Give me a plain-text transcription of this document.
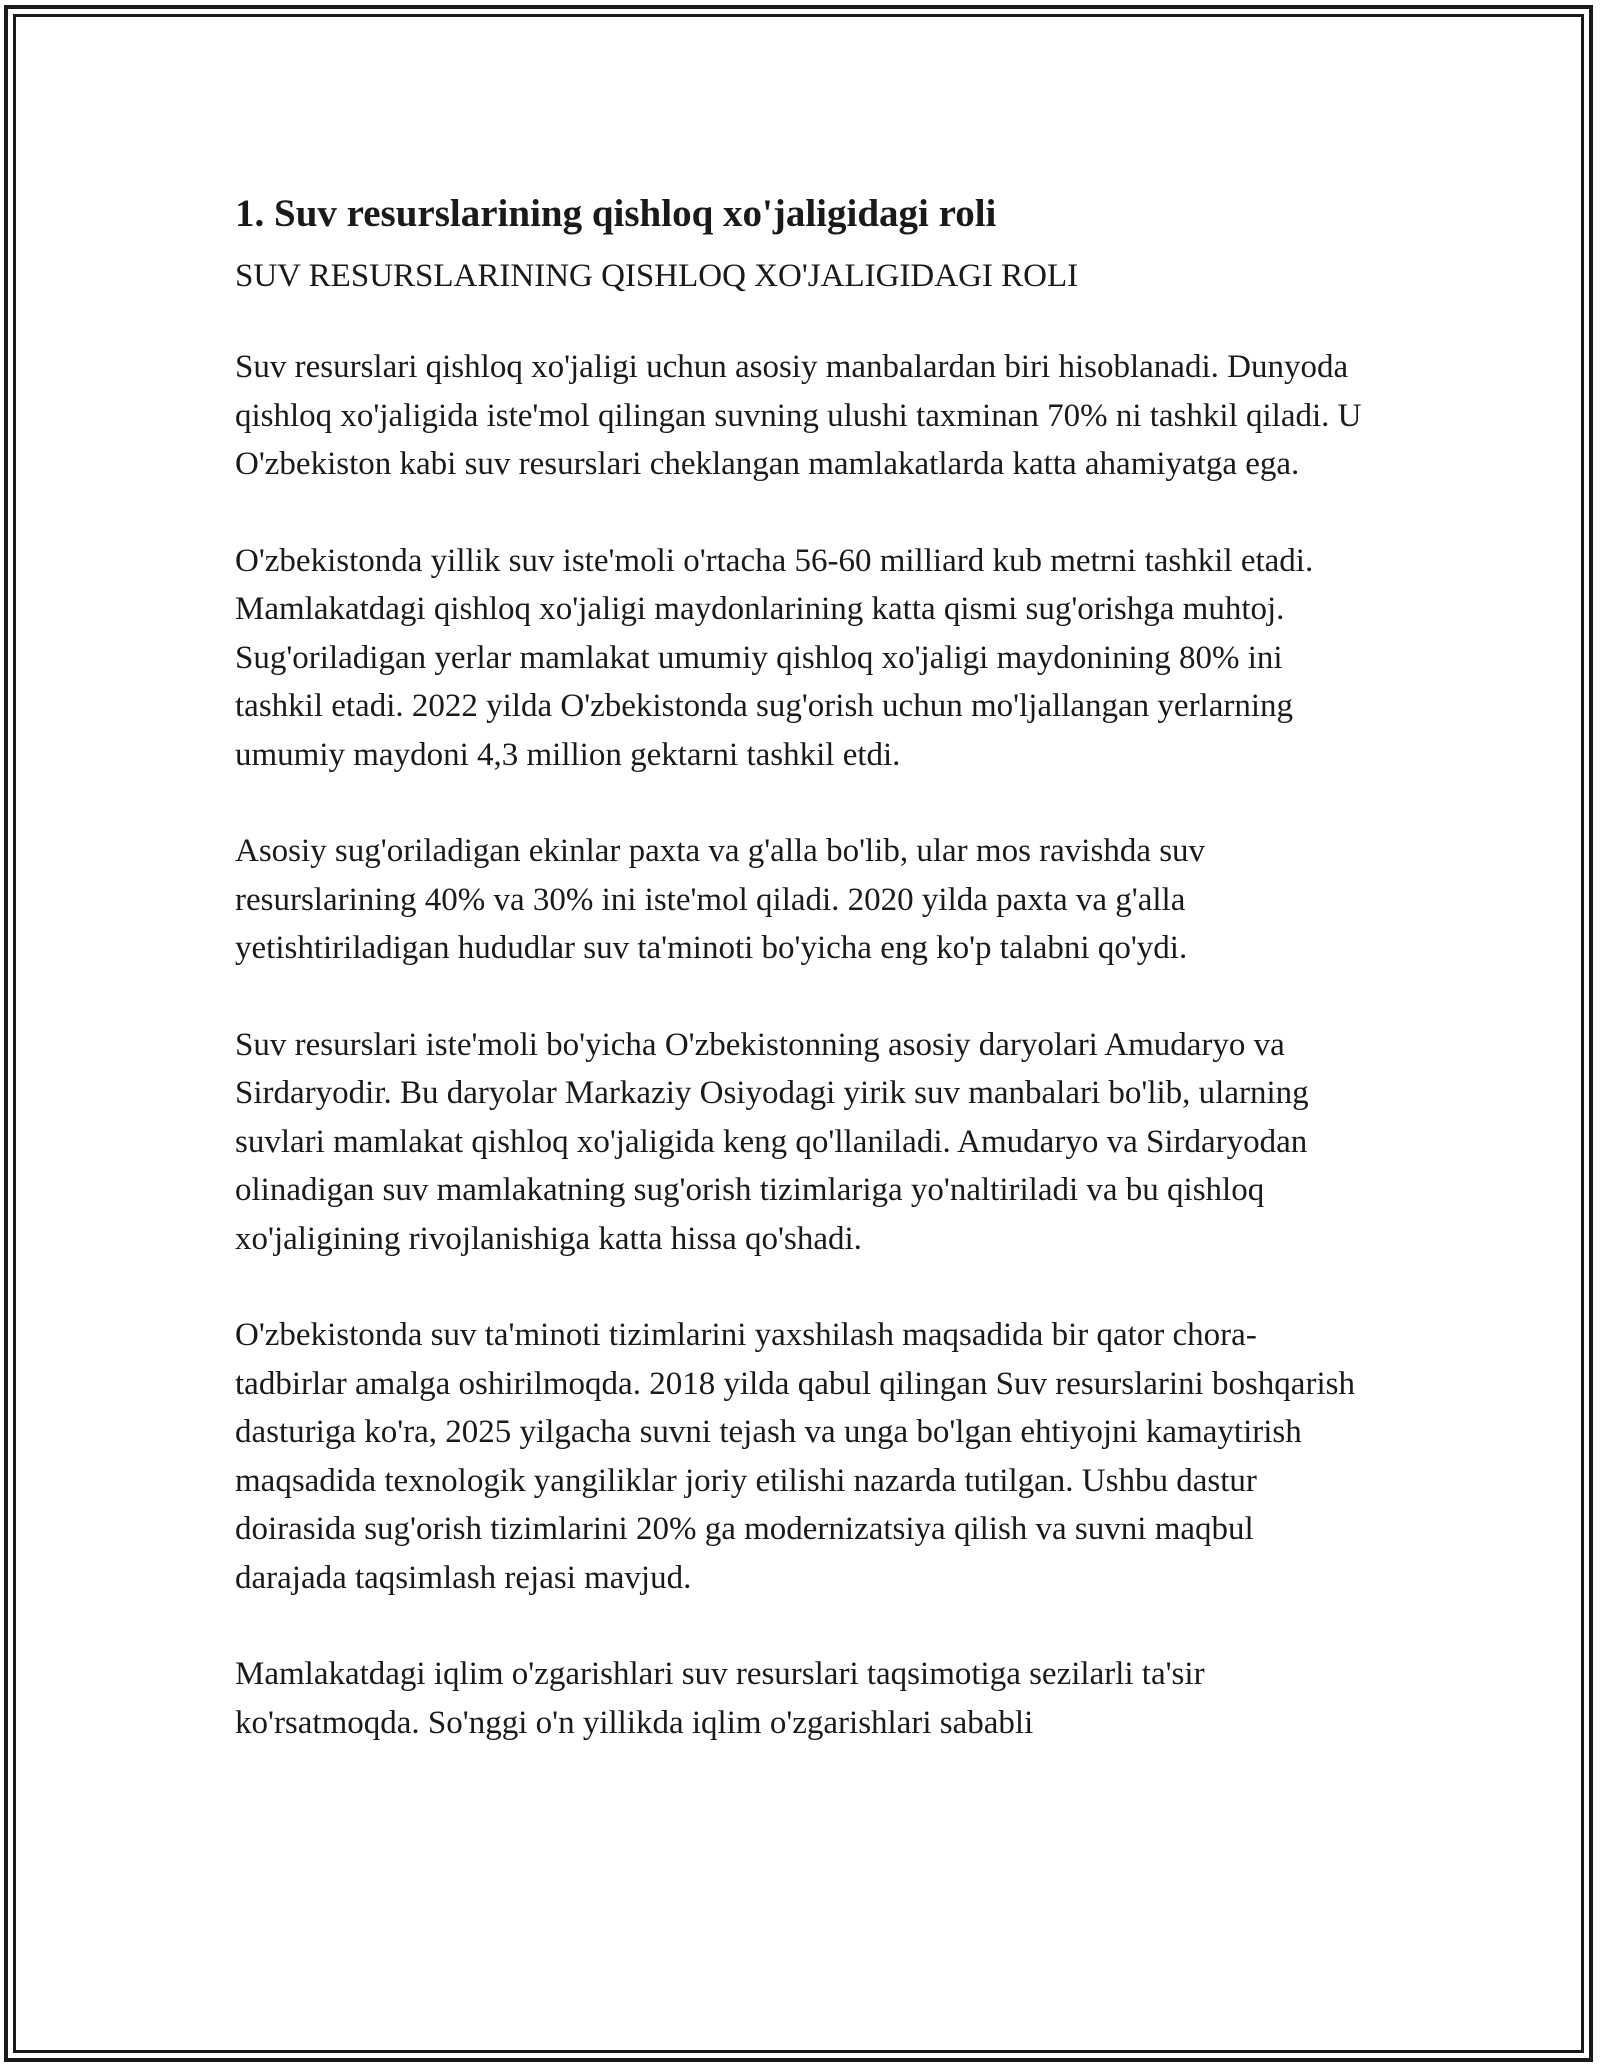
1. Suv resurslarining qishloq xo'jaligidagi roli

SUV RESURSLARINING QISHLOQ XO'JALIGIDAGI ROLI

Suv resurslari qishloq xo'jaligi uchun asosiy manbalardan biri hisoblanadi. Dunyoda qishloq xo'jaligida iste'mol qilingan suvning ulushi taxminan 70% ni tashkil qiladi. U O'zbekiston kabi suv resurslari cheklangan mamlakatlarda katta ahamiyatga ega.

O'zbekistonda yillik suv iste'moli o'rtacha 56-60 milliard kub metrni tashkil etadi. Mamlakatdagi qishloq xo'jaligi maydonlarining katta qismi sug'orishga muhtoj. Sug'oriladigan yerlar mamlakat umumiy qishloq xo'jaligi maydonining 80% ini tashkil etadi. 2022 yilda O'zbekistonda sug'orish uchun mo'ljallangan yerlarning umumiy maydoni 4,3 million gektarni tashkil etdi.

Asosiy sug'oriladigan ekinlar paxta va g'alla bo'lib, ular mos ravishda suv resurslarining 40% va 30% ini iste'mol qiladi. 2020 yilda paxta va g'alla yetishtiriladigan hududlar suv ta'minoti bo'yicha eng ko'p talabni qo'ydi.

Suv resurslari iste'moli bo'yicha O'zbekistonning asosiy daryolari Amudaryo va Sirdaryodir. Bu daryolar Markaziy Osiyodagi yirik suv manbalari bo'lib, ularning suvlari mamlakat qishloq xo'jaligida keng qo'llaniladi. Amudaryo va Sirdaryodan olinadigan suv mamlakatning sug'orish tizimlariga yo'naltiriladi va bu qishloq xo'jaligining rivojlanishiga katta hissa qo'shadi.

O'zbekistonda suv ta'minoti tizimlarini yaxshilash maqsadida bir qator chora-tadbirlar amalga oshirilmoqda. 2018 yilda qabul qilingan Suv resurslarini boshqarish dasturiga ko'ra, 2025 yilgacha suvni tejash va unga bo'lgan ehtiyojni kamaytirish maqsadida texnologik yangiliklar joriy etilishi nazarda tutilgan. Ushbu dastur doirasida sug'orish tizimlarini 20% ga modernizatsiya qilish va suvni maqbul darajada taqsimlash rejasi mavjud.

Mamlakatdagi iqlim o'zgarishlari suv resurslari taqsimotiga sezilarli ta'sir ko'rsatmoqda. So'nggi o'n yillikda iqlim o'zgarishlari sababli
